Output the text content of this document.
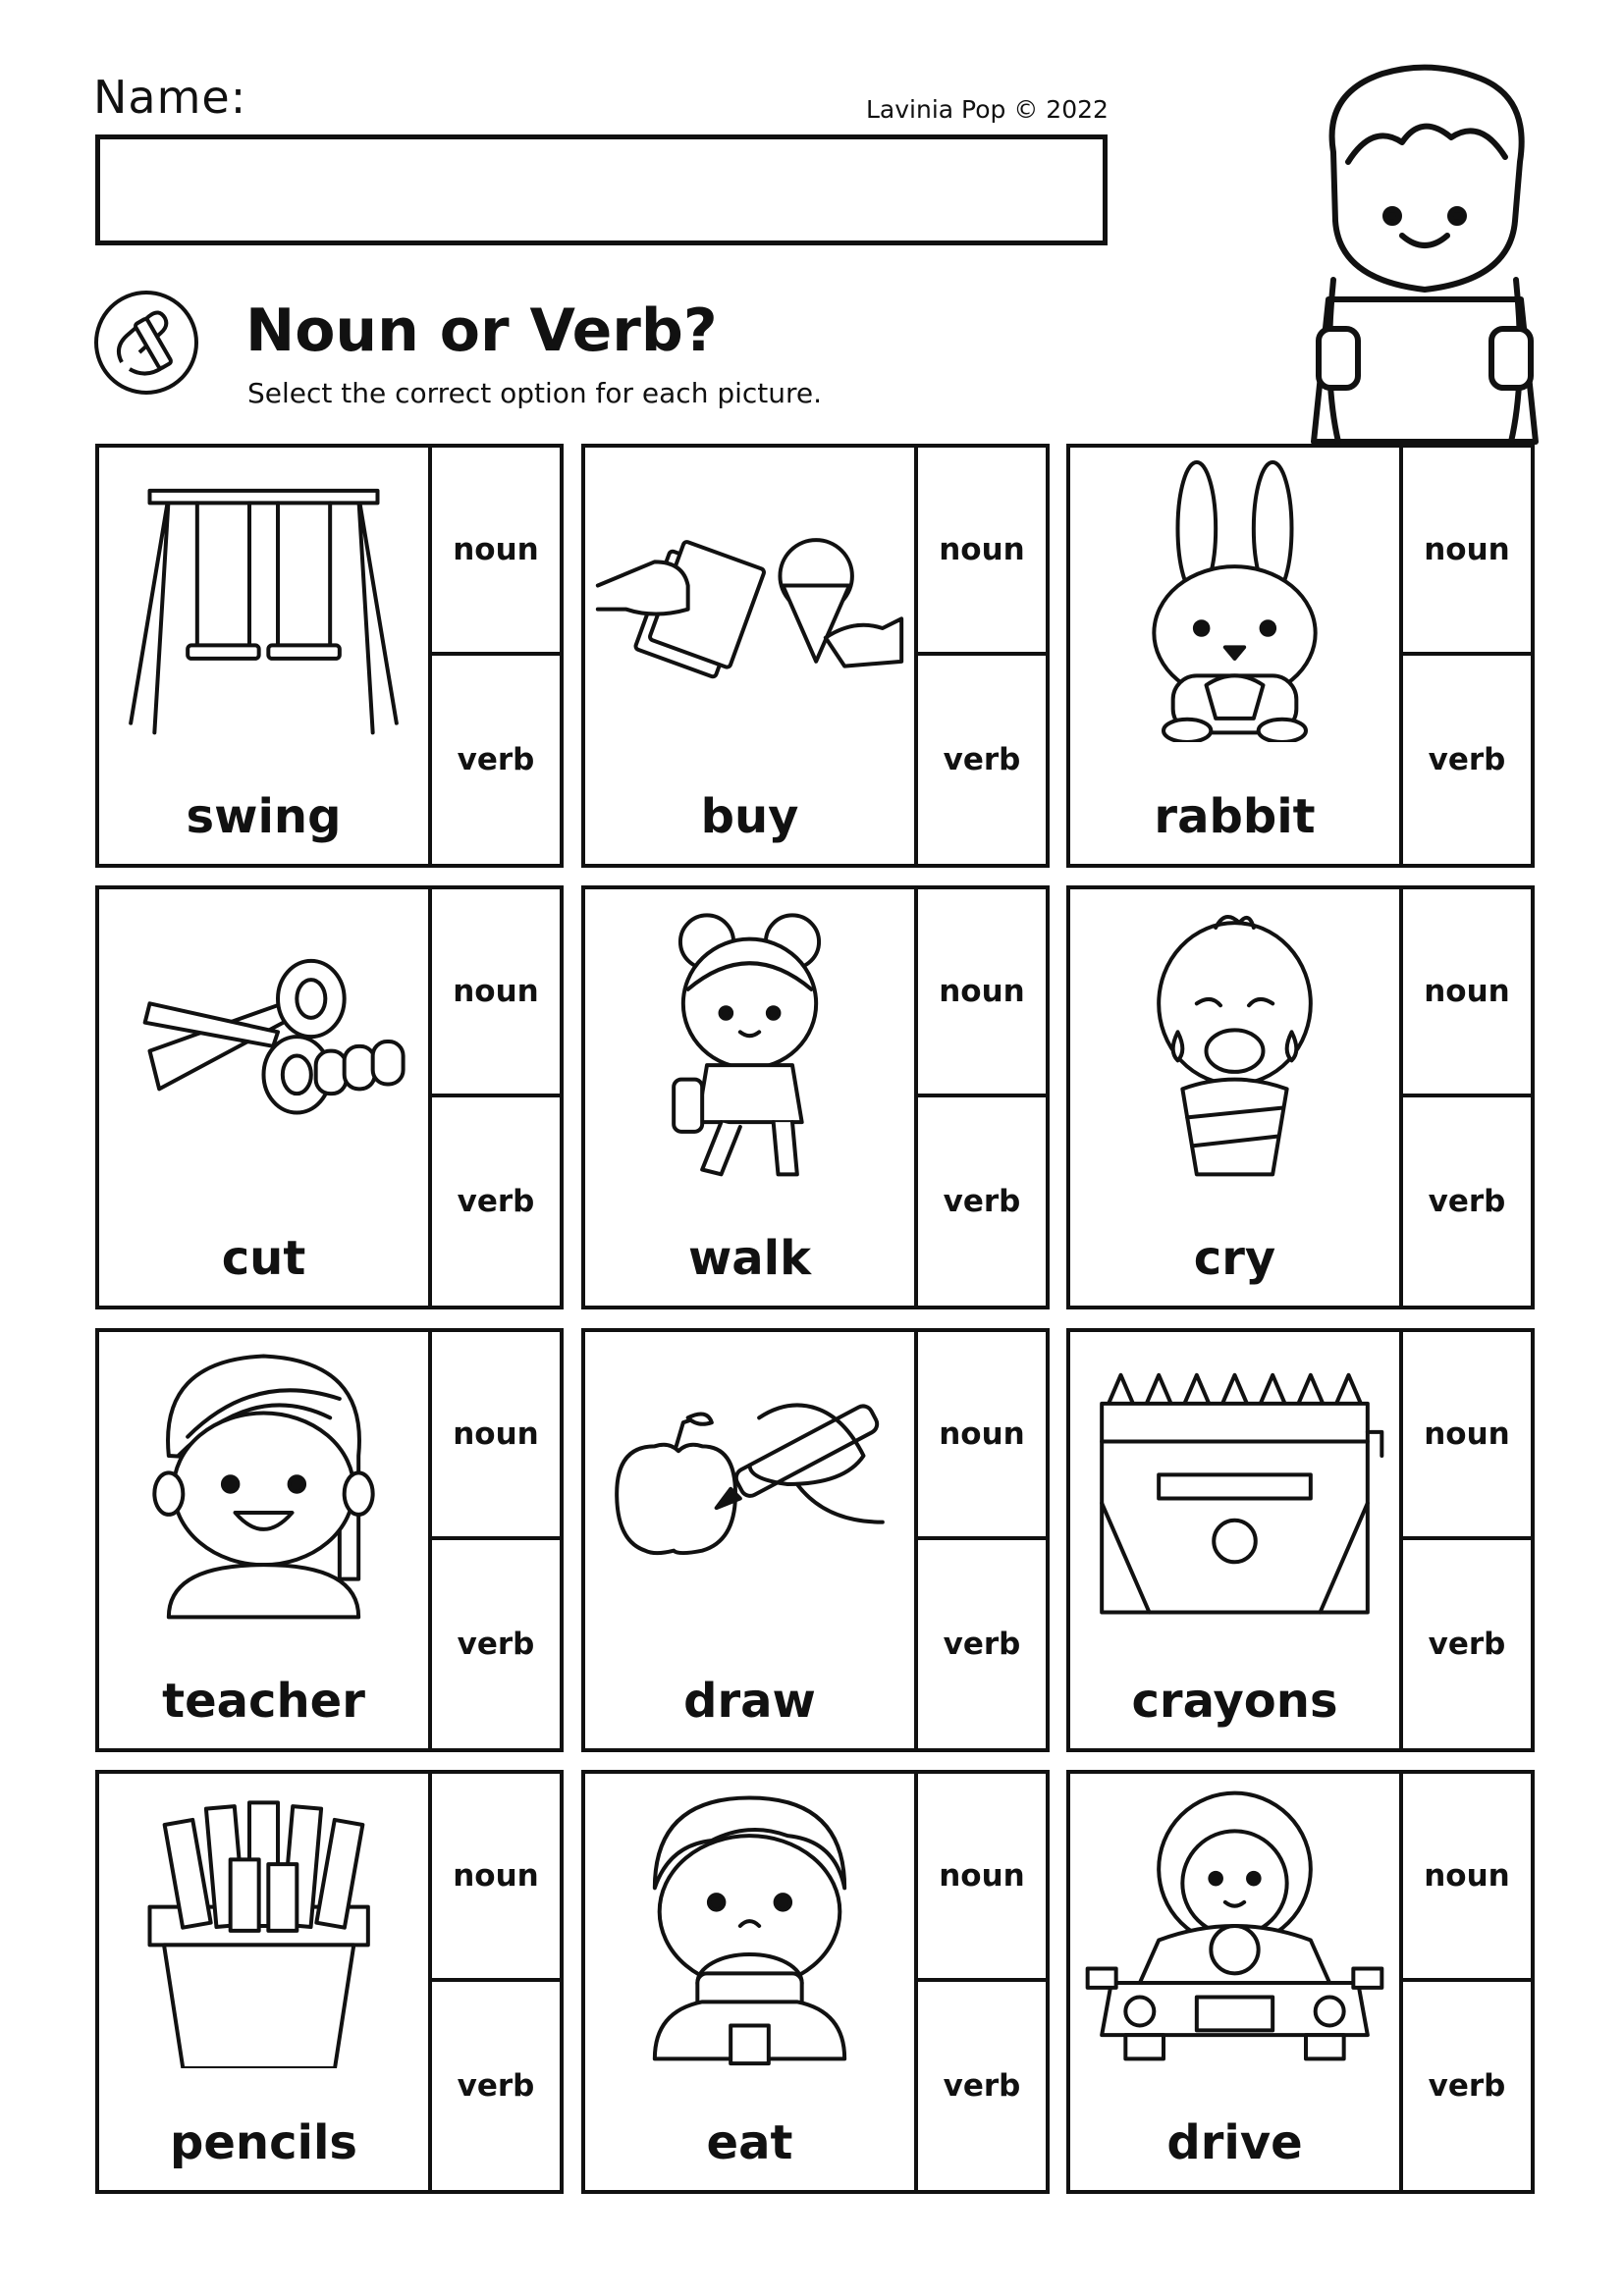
Name:	Lavinia Pop © 2022
Noun or Verb?
Select the correct option for each picture.
swing
noun
verb
buy
noun
verb
rabbit
noun
verb
cut
noun
verb
walk
noun
verb
cry
noun
verb
teacher
noun
verb
draw
noun
verb
crayons
noun
verb
pencils
noun
verb
eat
noun
verb
drive
noun
verb
